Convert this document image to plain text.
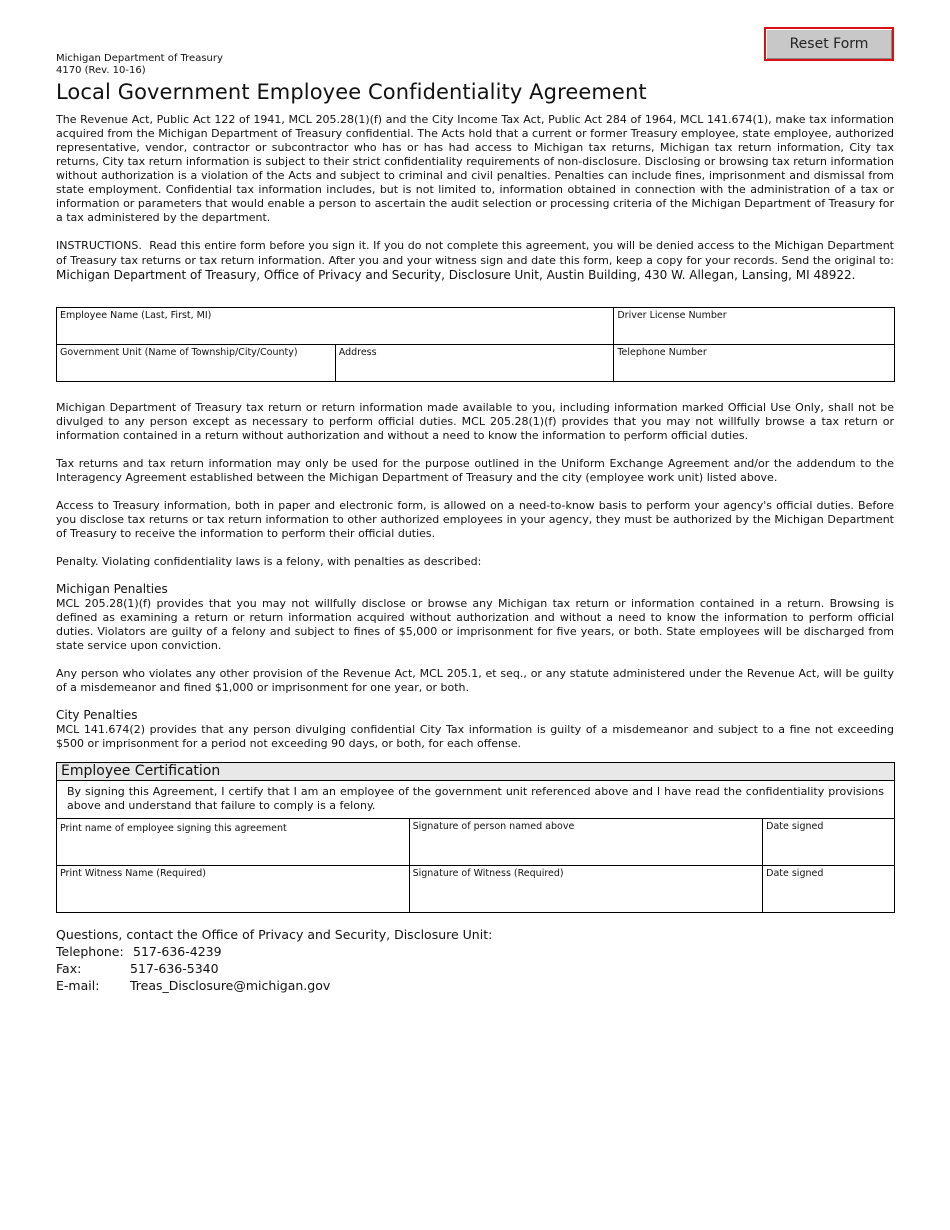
Michigan Department of Treasury
4170 (Rev. 10-16)
Reset Form
Local Government Employee Confidentiality Agreement

The Revenue Act, Public Act 122 of 1941, MCL 205.28(1)(f) and the City Income Tax Act, Public Act 284 of 1964, MCL 141.674(1), make tax information acquired from the Michigan Department of Treasury confidential. The Acts hold that a current or former Treasury employee, state employee, authorized representative, vendor, contractor or subcontractor who has or has had access to Michigan tax returns, Michigan tax return information, City tax returns, City tax return information is subject to their strict confidentiality requirements of non-disclosure. Disclosing or browsing tax return information without authorization is a violation of the Acts and subject to criminal and civil penalties. Penalties can include fines, imprisonment and dismissal from state employment. Confidential tax information includes, but is not limited to, information obtained in connection with the administration of a tax or information or parameters that would enable a person to ascertain the audit selection or processing criteria of the Michigan Department of Treasury for a tax administered by the department.

INSTRUCTIONS. Read this entire form before you sign it. If you do not complete this agreement, you will be denied access to the Michigan Department of Treasury tax returns or tax return information. After you and your witness sign and date this form, keep a copy for your records. Send the original to: Michigan Department of Treasury, Office of Privacy and Security, Disclosure Unit, Austin Building, 430 W. Allegan, Lansing, MI 48922.

Employee Name (Last, First, MI)		Driver License Number
Government Unit (Name of Township/City/County)	Address	Telephone Number

Michigan Department of Treasury tax return or return information made available to you, including information marked Official Use Only, shall not be divulged to any person except as necessary to perform official duties. MCL 205.28(1)(f) provides that you may not willfully browse a tax return or information contained in a return without authorization and without a need to know the information to perform official duties.

Tax returns and tax return information may only be used for the purpose outlined in the Uniform Exchange Agreement and/or the addendum to the Interagency Agreement established between the Michigan Department of Treasury and the city (employee work unit) listed above.

Access to Treasury information, both in paper and electronic form, is allowed on a need-to-know basis to perform your agency's official duties. Before you disclose tax returns or tax return information to other authorized employees in your agency, they must be authorized by the Michigan Department of Treasury to receive the information to perform their official duties.

Penalty. Violating confidentiality laws is a felony, with penalties as described:

Michigan Penalties

MCL 205.28(1)(f) provides that you may not willfully disclose or browse any Michigan tax return or information contained in a return. Browsing is defined as examining a return or return information acquired without authorization and without a need to know the information to perform official duties. Violators are guilty of a felony and subject to fines of $5,000 or imprisonment for five years, or both. State employees will be discharged from state service upon conviction.

Any person who violates any other provision of the Revenue Act, MCL 205.1, et seq., or any statute administered under the Revenue Act, will be guilty of a misdemeanor and fined $1,000 or imprisonment for one year, or both.

City Penalties

MCL 141.674(2) provides that any person divulging confidential City Tax information is guilty of a misdemeanor and subject to a fine not exceeding $500 or imprisonment for a period not exceeding 90 days, or both, for each offense.

Employee Certification
By signing this Agreement, I certify that I am an employee of the government unit referenced above and I have read the confidentiality provisions above and understand that failure to comply is a felony.
Print name of employee signing this agreement	Signature of person named above	Date signed
Print Witness Name (Required)	Signature of Witness (Required)	Date signed
Questions, contact the Office of Privacy and Security, Disclosure Unit:
Telephone: 517-636-4239
Fax:	517-636-5340
E-mail: Treas_Disclosure@michigan.gov
